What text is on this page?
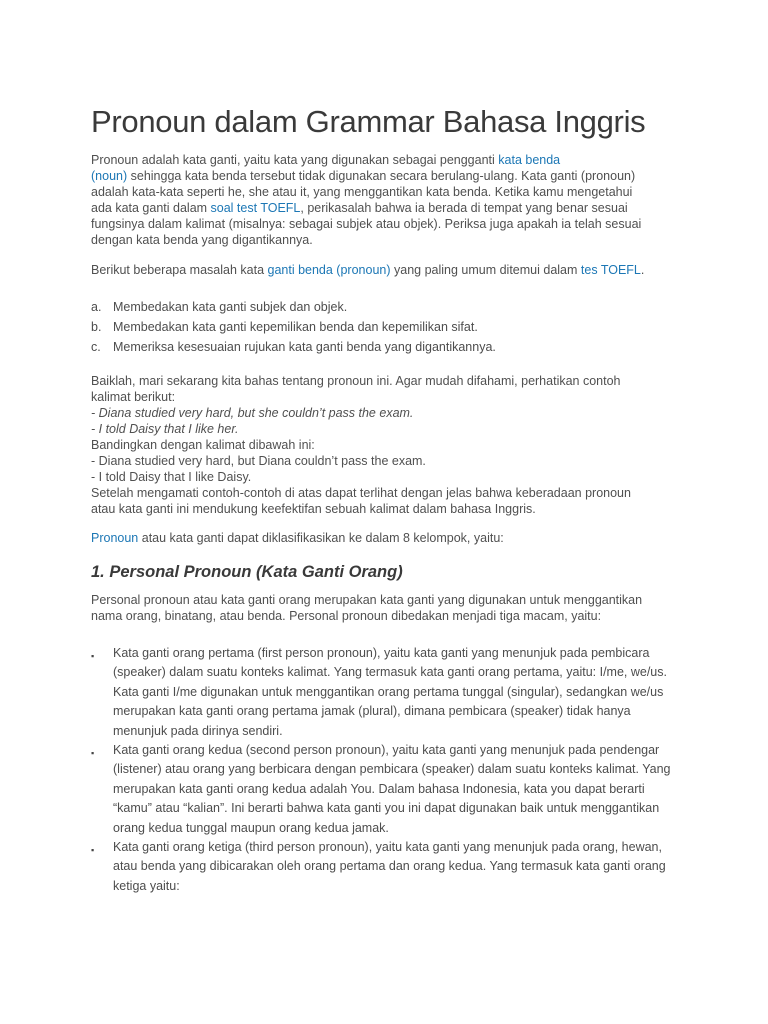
Pronoun dalam Grammar Bahasa Inggris
Pronoun adalah kata ganti, yaitu kata yang digunakan sebagai pengganti kata benda
(noun) sehingga kata benda tersebut tidak digunakan secara berulang-ulang. Kata ganti (pronoun)
adalah kata-kata seperti he, she atau it, yang menggantikan kata benda. Ketika kamu mengetahui
ada kata ganti dalam soal test TOEFL, perikasalah bahwa ia berada di tempat yang benar sesuai
fungsinya dalam kalimat (misalnya: sebagai subjek atau objek). Periksa juga apakah ia telah sesuai
dengan kata benda yang digantikannya.
Berikut beberapa masalah kata ganti benda (pronoun) yang paling umum ditemui dalam tes TOEFL.
a. Membedakan kata ganti subjek dan objek.
b. Membedakan kata ganti kepemilikan benda dan kepemilikan sifat.
c. Memeriksa kesesuaian rujukan kata ganti benda yang digantikannya.
Baiklah, mari sekarang kita bahas tentang pronoun ini. Agar mudah difahami, perhatikan contoh
kalimat berikut:
- Diana studied very hard, but she couldn’t pass the exam.
- I told Daisy that I like her.
Bandingkan dengan kalimat dibawah ini:
- Diana studied very hard, but Diana couldn’t pass the exam.
- I told Daisy that I like Daisy.
Setelah mengamati contoh-contoh di atas dapat terlihat dengan jelas bahwa keberadaan pronoun
atau kata ganti ini mendukung keefektifan sebuah kalimat dalam bahasa Inggris.
Pronoun atau kata ganti dapat diklasifikasikan ke dalam 8 kelompok, yaitu:
1. Personal Pronoun (Kata Ganti Orang)
Personal pronoun atau kata ganti orang merupakan kata ganti yang digunakan untuk menggantikan
nama orang, binatang, atau benda. Personal pronoun dibedakan menjadi tiga macam, yaitu:
▪ Kata ganti orang pertama (first person pronoun), yaitu kata ganti yang menunjuk pada pembicara (speaker) dalam suatu konteks kalimat. Yang termasuk kata ganti orang pertama, yaitu: I/me, we/us. Kata ganti I/me digunakan untuk menggantikan orang pertama tunggal (singular), sedangkan we/us merupakan kata ganti orang pertama jamak (plural), dimana pembicara (speaker) tidak hanya menunjuk pada dirinya sendiri.
▪ Kata ganti orang kedua (second person pronoun), yaitu kata ganti yang menunjuk pada pendengar (listener) atau orang yang berbicara dengan pembicara (speaker) dalam suatu konteks kalimat. Yang merupakan kata ganti orang kedua adalah You. Dalam bahasa Indonesia, kata you dapat berarti “kamu” atau “kalian”. Ini berarti bahwa kata ganti you ini dapat digunakan baik untuk menggantikan orang kedua tunggal maupun orang kedua jamak.
▪ Kata ganti orang ketiga (third person pronoun), yaitu kata ganti yang menunjuk pada orang, hewan, atau benda yang dibicarakan oleh orang pertama dan orang kedua. Yang termasuk kata ganti orang ketiga yaitu:
